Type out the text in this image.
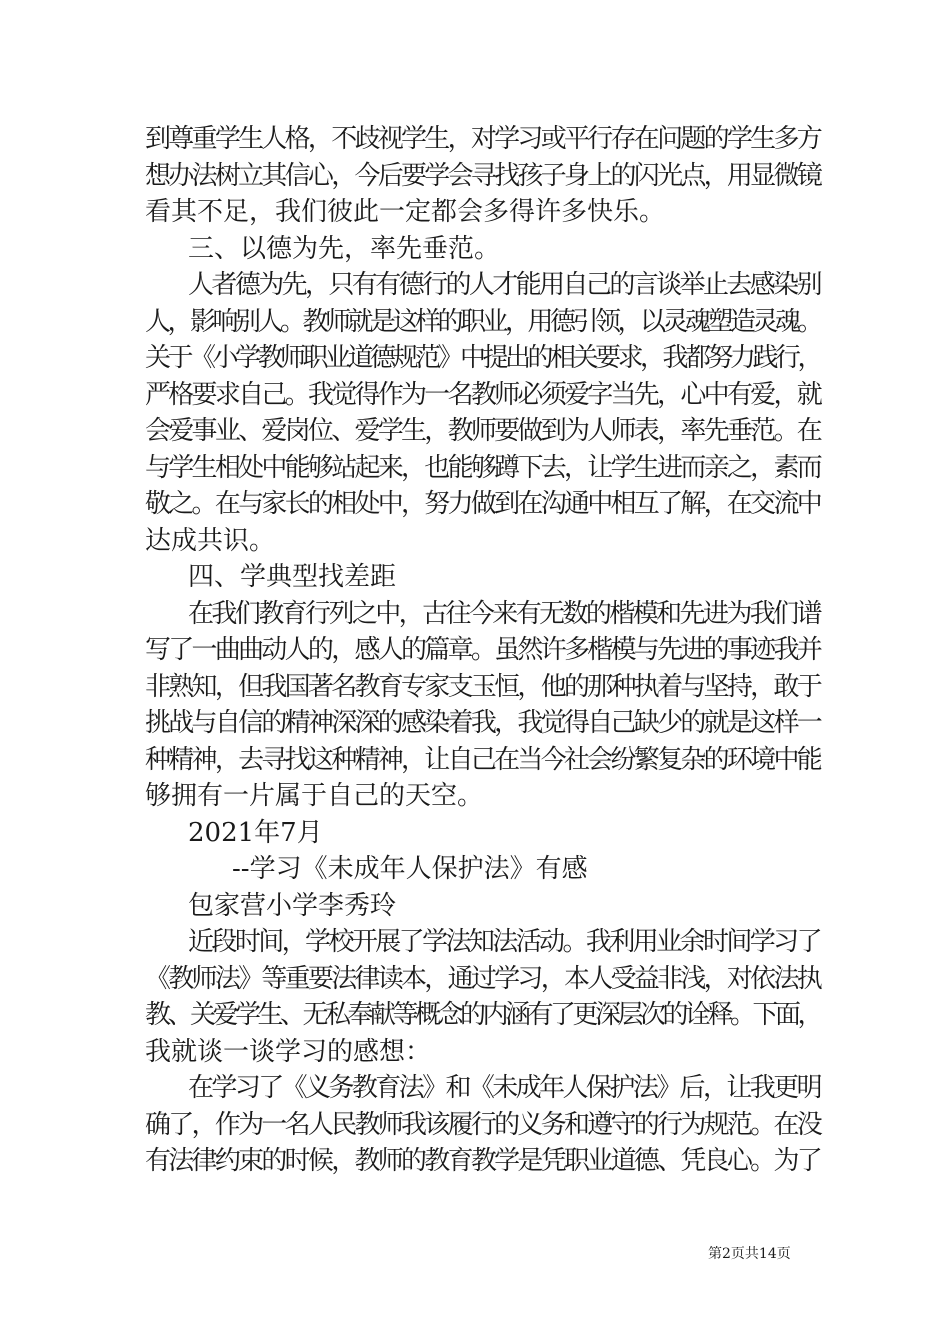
到尊重学生人格，不歧视学生，对学习或平行存在问题的学生多方
想办法树立其信心，今后要学会寻找孩子身上的闪光点，用显微镜
看其不足，我们彼此一定都会多得许多快乐。
三、以德为先，率先垂范。
人者德为先，只有有德行的人才能用自己的言谈举止去感染别
人，影响别人。教师就是这样的职业，用德引领，以灵魂塑造灵魂。
关于《小学教师职业道德规范》中提出的相关要求，我都努力践行，
严格要求自己。我觉得作为一名教师必须爱字当先，心中有爱，就
会爱事业、爱岗位、爱学生，教师要做到为人师表，率先垂范。在
与学生相处中能够站起来，也能够蹲下去，让学生进而亲之，素而
敬之。在与家长的相处中，努力做到在沟通中相互了解，在交流中
达成共识。
四、学典型找差距
在我们教育行列之中，古往今来有无数的楷模和先进为我们谱
写了一曲曲动人的，感人的篇章。虽然许多楷模与先进的事迹我并
非熟知，但我国著名教育专家支玉恒，他的那种执着与坚持，敢于
挑战与自信的精神深深的感染着我，我觉得自己缺少的就是这样一
种精神，去寻找这种精神，让自己在当今社会纷繁复杂的环境中能
够拥有一片属于自己的天空。
2021年7月
--学习《未成年人保护法》有感
包家营小学李秀玲
近段时间，学校开展了学法知法活动。我利用业余时间学习了
《教师法》等重要法律读本，通过学习，本人受益非浅，对依法执
教、关爱学生、无私奉献等概念的内涵有了更深层次的诠释。下面，
我就谈一谈学习的感想：
在学习了《义务教育法》和《未成年人保护法》后，让我更明
确了，作为一名人民教师我该履行的义务和遵守的行为规范。在没
有法律约束的时候，教师的教育教学是凭职业道德、凭良心。为了
第2页共14页
